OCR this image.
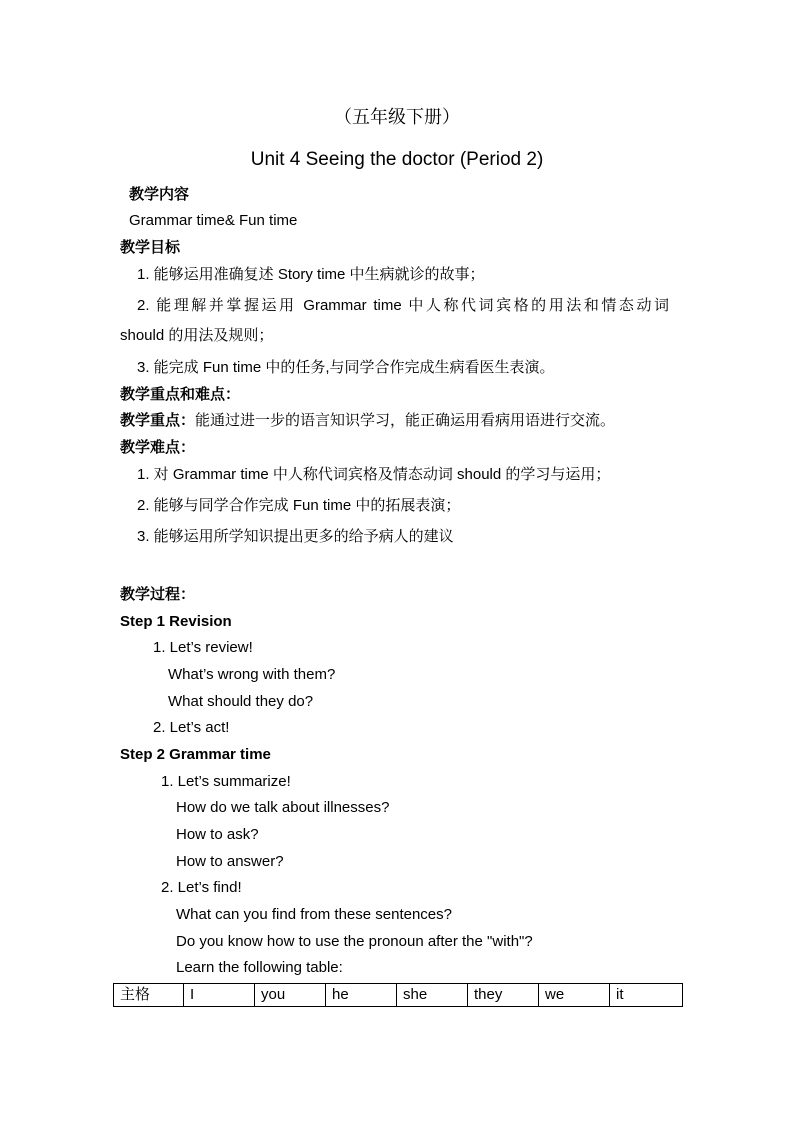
（五年级下册）
Unit 4 Seeing the doctor (Period 2)
教学内容
Grammar time& Fun time
教学目标
1. 能够运用准确复述 Story time 中生病就诊的故事；
2. 能理解并掌握运用 Grammar time 中人称代词宾格的用法和情态动词
should 的用法及规则；
3. 能完成 Fun time 中的任务,与同学合作完成生病看医生表演。
教学重点和难点：
教学重点：能通过进一步的语言知识学习，能正确运用看病用语进行交流。
教学难点：
1. 对 Grammar time 中人称代词宾格及情态动词 should 的学习与运用；
2. 能够与同学合作完成 Fun time 中的拓展表演；
3. 能够运用所学知识提出更多的给予病人的建议
教学过程：
Step 1 Revision
1. Let’s review!
What’s wrong with them?
What should they do?
2. Let’s act!
Step 2 Grammar time
1. Let’s summarize!
How do we talk about illnesses?
How to ask?
How to answer?
2. Let’s find!
What can you find from these sentences?
Do you know how to use the pronoun after the "with"?
Learn the following table:
主格	I	you	he	she	they	we	it
